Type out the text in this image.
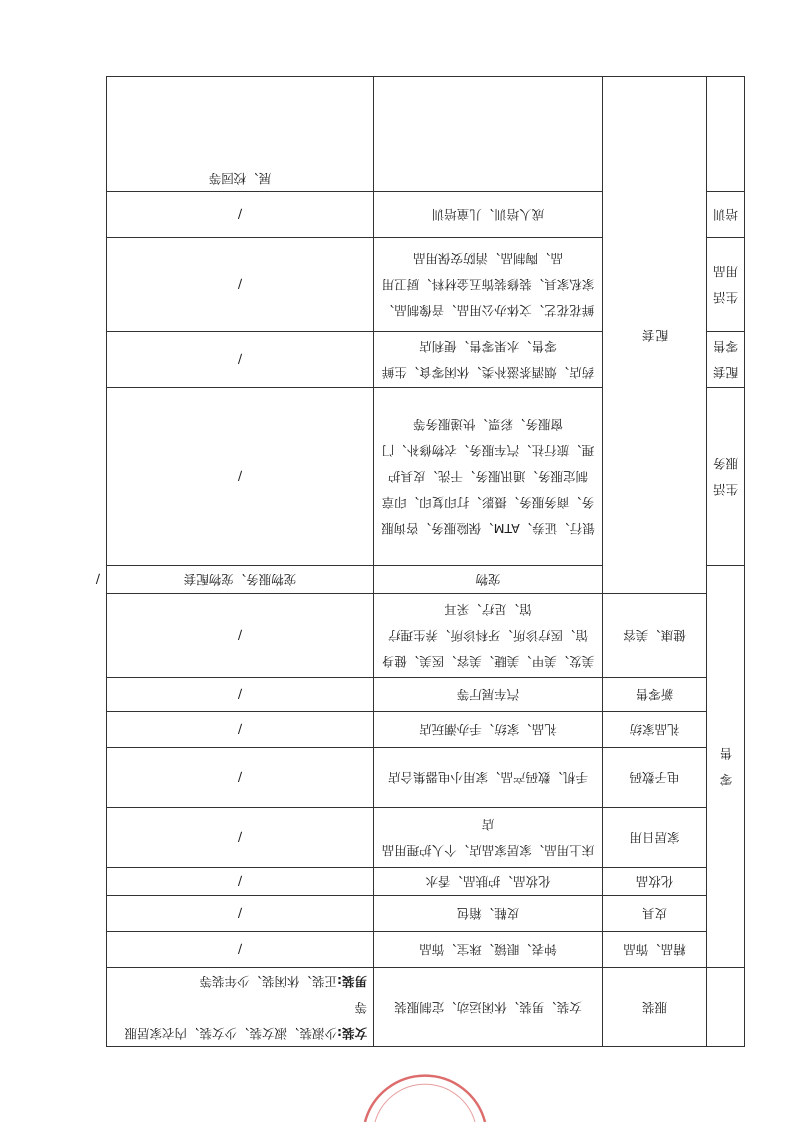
	服装	女装、男装、休闲运动、定制服装	女装:少淑装、淑女装、少女装、内衣家居服等
男装:正装、休闲装、少年装等	

零售	精品、饰品	钟表、眼镜、珠宝、饰品	/	
	皮具	皮鞋、箱包	/	
	化妆品	化妆品、护肤品、香水	/	
	家居日用	床上用品、家居家品店、个人护理用品店	/	
	电子数码	手机、数码产品、家用小电器集合店	/	
	礼品家纺	礼品、家纺、手办潮玩店	/	
	新零售	汽车展厅等	/	
	健康、美容	美发、美甲、美睫、美容、医美、健身馆、医疗诊所、牙科诊所、养生理疗馆、足疗、采耳	/	
	配套	宠物	宠物服务、宠物配套	/
生活服务		银行、证券、ATM、保险服务、咨询服务、商务服务、摄影、打印复印、印章制定服务、通讯服务、干洗、皮具护理、旅行社、汽车服务、衣物修补、门窗服务、彩票、快递服务等	/	
配套零售		药店、烟酒茶滋补类、休闲零食、生鲜零售、水果零售、便利店	/	
生活用品		鲜花花艺、文体办公用品、音像制品、家私家具、装修装饰五金材料、厨卫用品、陶制品、消防安保用品	/	
培训		成人培训、儿童培训	/	
			展、校园等	
